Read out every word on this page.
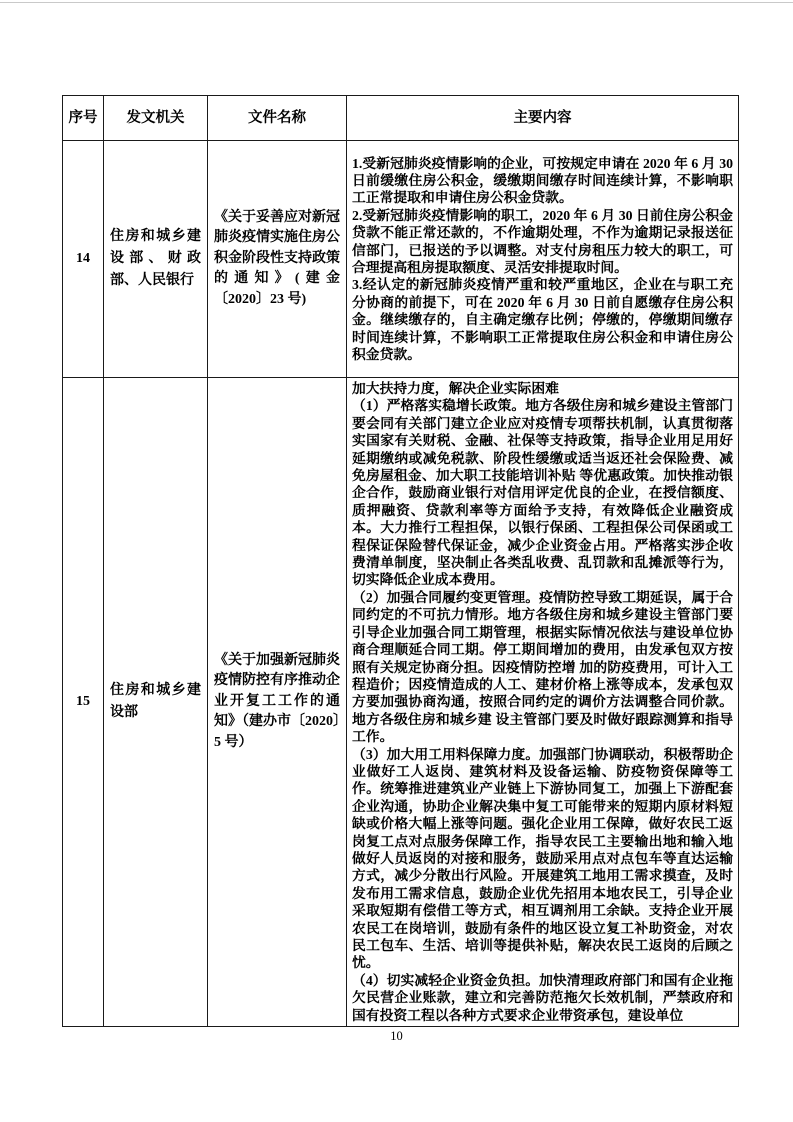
序号	发文机关	文件名称	主要内容
14	住房和城乡建设部、财政部、人民银行	《关于妥善应对新冠肺炎疫情实施住房公积金阶段性支持政策的通知》(建金〔2020〕23 号)	1.受新冠肺炎疫情影响的企业，可按规定申请在 2020 年 6 月 30 日前缓缴住房公积金，缓缴期间缴存时间连续计算，不影响职工正常提取和申请住房公积金贷款。

2.受新冠肺炎疫情影响的职工，2020 年 6 月 30 日前住房公积金贷款不能正常还款的，不作逾期处理，不作为逾期记录报送征信部门，已报送的予以调整。对支付房租压力较大的职工，可合理提高租房提取额度、灵活安排提取时间。

3.经认定的新冠肺炎疫情严重和较严重地区，企业在与职工充分协商的前提下，可在 2020 年 6 月 30 日前自愿缴存住房公积金。继续缴存的，自主确定缴存比例；停缴的，停缴期间缴存时间连续计算，不影响职工正常提取住房公积金和申请住房公积金贷款。

15	住房和城乡建设部	《关于加强新冠肺炎疫情防控有序推动企业开复工工作的通知》（建办市〔2020〕5 号）	加大扶持力度，解决企业实际困难

（1）严格落实稳增长政策。地方各级住房和城乡建设主管部门要会同有关部门建立企业应对疫情专项帮扶机制，认真贯彻落实国家有关财税、金融、社保等支持政策，指导企业用足用好延期缴纳或减免税款、阶段性缓缴或适当返还社会保险费、减免房屋租金、加大职工技能培训补贴 等优惠政策。加快推动银企合作，鼓励商业银行对信用评定优良的企业，在授信额度、质押融资、贷款利率等方面给予支持，有效降低企业融资成本。大力推行工程担保，以银行保函、工程担保公司保函或工程保证保险替代保证金，减少企业资金占用。严格落实涉企收费清单制度，坚决制止各类乱收费、乱罚款和乱摊派等行为，切实降低企业成本费用。

（2）加强合同履约变更管理。疫情防控导致工期延误，属于合同约定的不可抗力情形。地方各级住房和城乡建设主管部门要引导企业加强合同工期管理，根据实际情况依法与建设单位协商合理顺延合同工期。停工期间增加的费用，由发承包双方按照有关规定协商分担。因疫情防控增 加的防疫费用，可计入工程造价；因疫情造成的人工、建材价格上涨等成本，发承包双方要加强协商沟通，按照合同约定的调价方法调整合同价款。地方各级住房和城乡建 设主管部门要及时做好跟踪测算和指导工作。

（3）加大用工用料保障力度。加强部门协调联动，积极帮助企业做好工人返岗、建筑材料及设备运输、防疫物资保障等工作。统筹推进建筑业产业链上下游协同复工，加强上下游配套企业沟通，协助企业解决集中复工可能带来的短期内原材料短缺或价格大幅上涨等问题。强化企业用工保障，做好农民工返岗复工点对点服务保障工作，指导农民工主要输出地和输入地做好人员返岗的对接和服务，鼓励采用点对点包车等直达运输方式，减少分散出行风险。开展建筑工地用工需求摸查，及时发布用工需求信息，鼓励企业优先招用本地农民工，引导企业采取短期有偿借工等方式，相互调剂用工余缺。支持企业开展农民工在岗培训，鼓励有条件的地区设立复工补助资金，对农民工包车、生活、培训等提供补贴，解决农民工返岗的后顾之忧。

（4）切实减轻企业资金负担。加快清理政府部门和国有企业拖欠民营企业账款，建立和完善防范拖欠长效机制，严禁政府和国有投资工程以各种方式要求企业带资承包，建设单位

10
